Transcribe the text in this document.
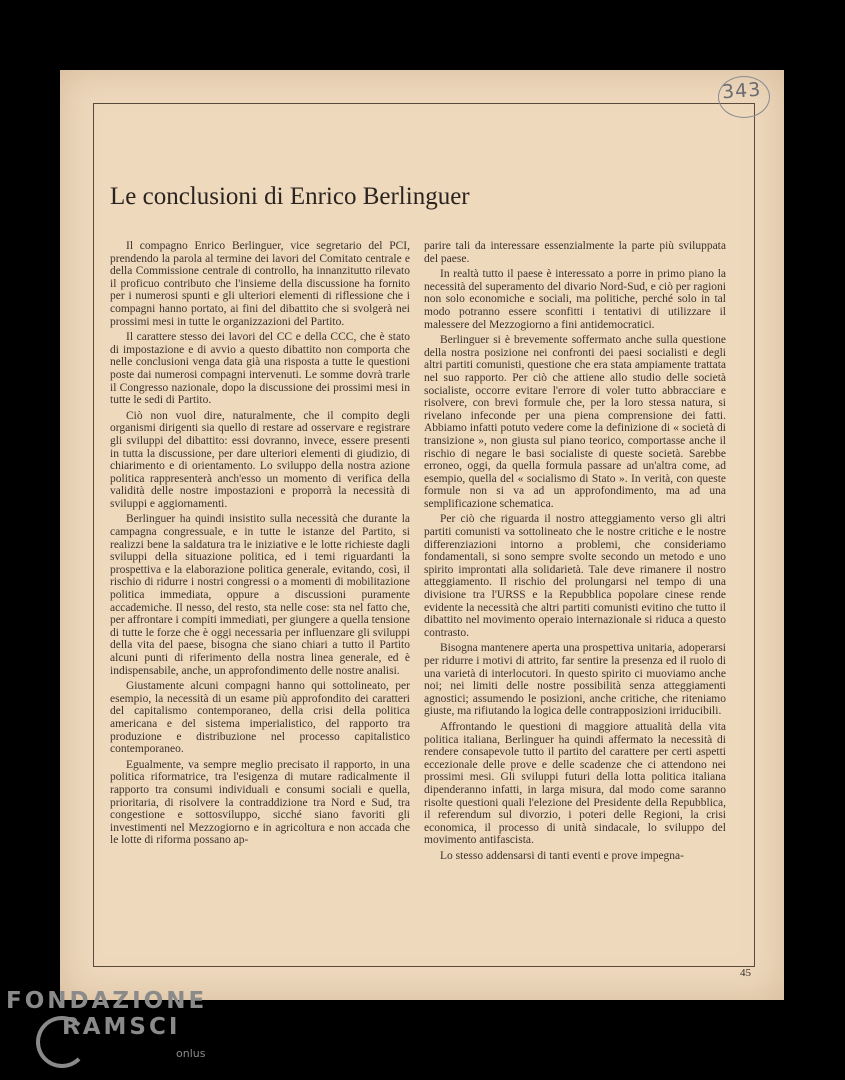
343
Le conclusioni di Enrico Berlinguer

Il compagno Enrico Berlinguer, vice segretario del PCI, prendendo la parola al termine dei lavori del Comitato centrale e della Commissione centrale di controllo, ha innanzitutto rilevato il proficuo contributo che l'insieme della discussione ha fornito per i numerosi spunti e gli ulteriori elementi di riflessione che i compagni hanno portato, ai fini del dibattito che si svolgerà nei prossimi mesi in tutte le organizzazioni del Partito.

Il carattere stesso dei lavori del CC e della CCC, che è stato di impostazione e di avvio a questo dibattito non comporta che nelle conclusioni venga data già una risposta a tutte le questioni poste dai numerosi compagni intervenuti. Le somme dovrà trarle il Congresso nazionale, dopo la discussione dei prossimi mesi in tutte le sedi di Partito.

Ciò non vuol dire, naturalmente, che il compito degli organismi dirigenti sia quello di restare ad osservare e registrare gli sviluppi del dibattito: essi dovranno, invece, essere presenti in tutta la discussione, per dare ulteriori elementi di giudizio, di chiarimento e di orientamento. Lo sviluppo della nostra azione politica rappresenterà anch'esso un momento di verifica della validità delle nostre impostazioni e proporrà la necessità di sviluppi e aggiornamenti.

Berlinguer ha quindi insistito sulla necessità che durante la campagna congressuale, e in tutte le istanze del Partito, si realizzi bene la saldatura tra le iniziative e le lotte richieste dagli sviluppi della situazione politica, ed i temi riguardanti la prospettiva e la elaborazione politica generale, evitando, così, il rischio di ridurre i nostri congressi o a momenti di mobilitazione politica immediata, oppure a discussioni puramente accademiche. Il nesso, del resto, sta nelle cose: sta nel fatto che, per affrontare i compiti immediati, per giungere a quella tensione di tutte le forze che è oggi necessaria per influenzare gli sviluppi della vita del paese, bisogna che siano chiari a tutto il Partito alcuni punti di riferimento della nostra linea generale, ed è indispensabile, anche, un approfondimento delle nostre analisi.

Giustamente alcuni compagni hanno qui sottolineato, per esempio, la necessità di un esame più approfondito dei caratteri del capitalismo contemporaneo, della crisi della politica americana e del sistema imperialistico, del rapporto tra produzione e distribuzione nel processo capitalistico contemporaneo.

Egualmente, va sempre meglio precisato il rapporto, in una politica riformatrice, tra l'esigenza di mutare radicalmente il rapporto tra consumi individuali e consumi sociali e quella, prioritaria, di risolvere la contraddizione tra Nord e Sud, tra congestione e sottosviluppo, sicché siano favoriti gli investimenti nel Mezzogiorno e in agricoltura e non accada che le lotte di riforma possano ap-

parire tali da interessare essenzialmente la parte più sviluppata del paese.

In realtà tutto il paese è interessato a porre in primo piano la necessità del superamento del divario Nord-Sud, e ciò per ragioni non solo economiche e sociali, ma politiche, perché solo in tal modo potranno essere sconfitti i tentativi di utilizzare il malessere del Mezzogiorno a fini antidemocratici.

Berlinguer si è brevemente soffermato anche sulla questione della nostra posizione nei confronti dei paesi socialisti e degli altri partiti comunisti, questione che era stata ampiamente trattata nel suo rapporto. Per ciò che attiene allo studio delle società socialiste, occorre evitare l'errore di voler tutto abbracciare e risolvere, con brevi formule che, per la loro stessa natura, si rivelano infeconde per una piena comprensione dei fatti. Abbiamo infatti potuto vedere come la definizione di « società di transizione », non giusta sul piano teorico, comportasse anche il rischio di negare le basi socialiste di queste società. Sarebbe erroneo, oggi, da quella formula passare ad un'altra come, ad esempio, quella del « socialismo di Stato ». In verità, con queste formule non si va ad un approfondimento, ma ad una semplificazione schematica.

Per ciò che riguarda il nostro atteggiamento verso gli altri partiti comunisti va sottolineato che le nostre critiche e le nostre differenziazioni intorno a problemi, che consideriamo fondamentali, si sono sempre svolte secondo un metodo e uno spirito improntati alla solidarietà. Tale deve rimanere il nostro atteggiamento. Il rischio del prolungarsi nel tempo di una divisione tra l'URSS e la Repubblica popolare cinese rende evidente la necessità che altri partiti comunisti evitino che tutto il dibattito nel movimento operaio internazionale si riduca a questo contrasto.

Bisogna mantenere aperta una prospettiva unitaria, adoperarsi per ridurre i motivi di attrito, far sentire la presenza ed il ruolo di una varietà di interlocutori. In questo spirito ci muoviamo anche noi; nei limiti delle nostre possibilità senza atteggiamenti agnostici; assumendo le posizioni, anche critiche, che riteniamo giuste, ma rifiutando la logica delle contrapposizioni irriducibili.

Affrontando le questioni di maggiore attualità della vita politica italiana, Berlinguer ha quindi affermato la necessità di rendere consapevole tutto il partito del carattere per certi aspetti eccezionale delle prove e delle scadenze che ci attendono nei prossimi mesi. Gli sviluppi futuri della lotta politica italiana dipenderanno infatti, in larga misura, dal modo come saranno risolte questioni quali l'elezione del Presidente della Repubblica, il referendum sul divorzio, i poteri delle Regioni, la crisi economica, il processo di unità sindacale, lo sviluppo del movimento antifascista.

Lo stesso addensarsi di tanti eventi e prove impegna-

45
FONDAZIONE
RAMSCI
onlus
